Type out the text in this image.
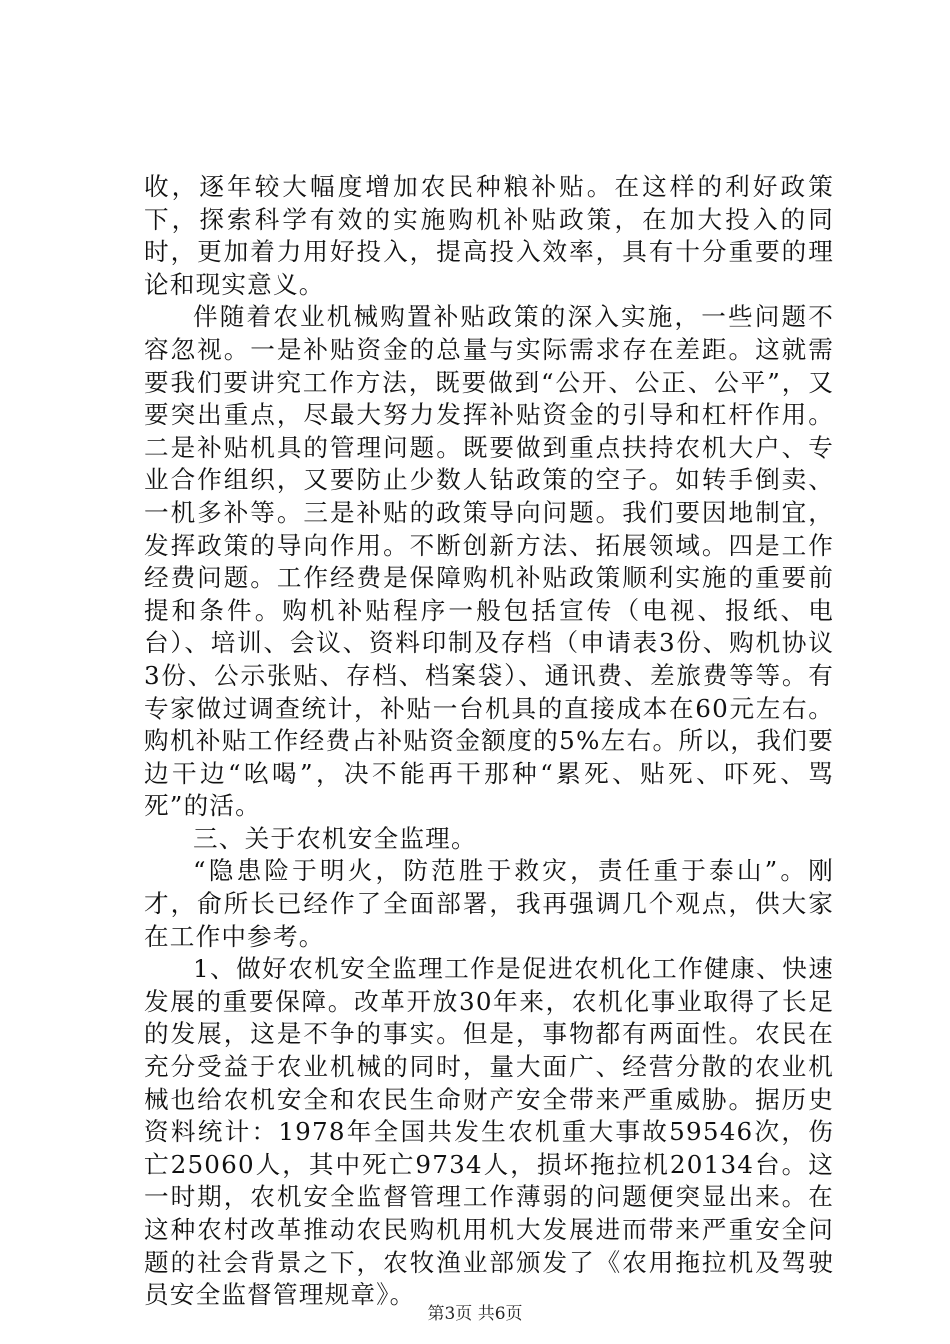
收，逐年较大幅度增加农民种粮补贴。在这样的利好政策下，探索科学有效的实施购机补贴政策，在加大投入的同时，更加着力用好投入，提高投入效率，具有十分重要的理论和现实意义。

伴随着农业机械购置补贴政策的深入实施，一些问题不容忽视。一是补贴资金的总量与实际需求存在差距。这就需要我们要讲究工作方法，既要做到“公开、公正、公平”，又要突出重点，尽最大努力发挥补贴资金的引导和杠杆作用。二是补贴机具的管理问题。既要做到重点扶持农机大户、专业合作组织，又要防止少数人钻政策的空子。如转手倒卖、一机多补等。三是补贴的政策导向问题。我们要因地制宜，发挥政策的导向作用。不断创新方法、拓展领域。四是工作经费问题。工作经费是保障购机补贴政策顺利实施的重要前提和条件。购机补贴程序一般包括宣传（电视、报纸、电台）、培训、会议、资料印制及存档（申请表3份、购机协议3份、公示张贴、存档、档案袋）、通讯费、差旅费等等。有专家做过调查统计，补贴一台机具的直接成本在60元左右。购机补贴工作经费占补贴资金额度的5%左右。所以，我们要边干边“吆喝”，决不能再干那种“累死、贴死、吓死、骂死”的活。

三、关于农机安全监理。

“隐患险于明火，防范胜于救灾，责任重于泰山”。刚才，俞所长已经作了全面部署，我再强调几个观点，供大家在工作中参考。

1、做好农机安全监理工作是促进农机化工作健康、快速发展的重要保障。改革开放30年来，农机化事业取得了长足的发展，这是不争的事实。但是，事物都有两面性。农民在充分受益于农业机械的同时，量大面广、经营分散的农业机械也给农机安全和农民生命财产安全带来严重威胁。据历史资料统计：1978年全国共发生农机重大事故59546次，伤亡25060人，其中死亡9734人，损坏拖拉机20134台。这一时期，农机安全监督管理工作薄弱的问题便突显出来。在这种农村改革推动农民购机用机大发展进而带来严重安全问题的社会背景之下，农牧渔业部颁发了《农用拖拉机及驾驶员安全监督管理规章》。

第3页 共6页
